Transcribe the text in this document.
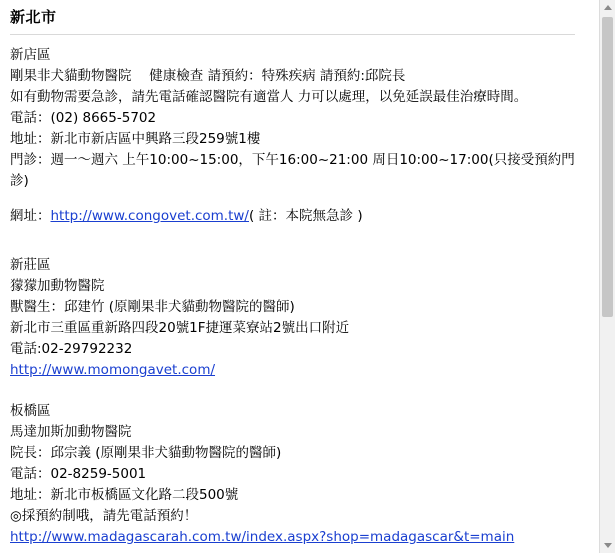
新北市

新店區

剛果非犬貓動物醫院　 健康檢查 請預約：特殊疾病 請預約:邱院長

如有動物需要急診，請先電話確認醫院有適當人 力可以處理，以免延誤最佳治療時間。

電話：(02) 8665-5702

地址：新北市新店區中興路三段259號1樓

門診：週一～週六 上午10:00~15:00，下午16:00~21:00 周日10:00~17:00(只接受預約門診)

網址：http://www.congovet.com.tw/( 註：本院無急診 )

新莊區

獴獴加動物醫院

獸醫生：邱建竹 (原剛果非犬貓動物醫院的醫師)

新北市三重區重新路四段20號1F捷運菜寮站2號出口附近

電話:02-29792232

http://www.momongavet.com/

板橋區

馬達加斯加動物醫院

院長：邱宗義 (原剛果非犬貓動物醫院的醫師)

電話：02-8259-5001

地址：新北市板橋區文化路二段500號

◎採預約制哦，請先電話預約！

http://www.madagascarah.com.tw/index.aspx?shop=madagascar&t=main
